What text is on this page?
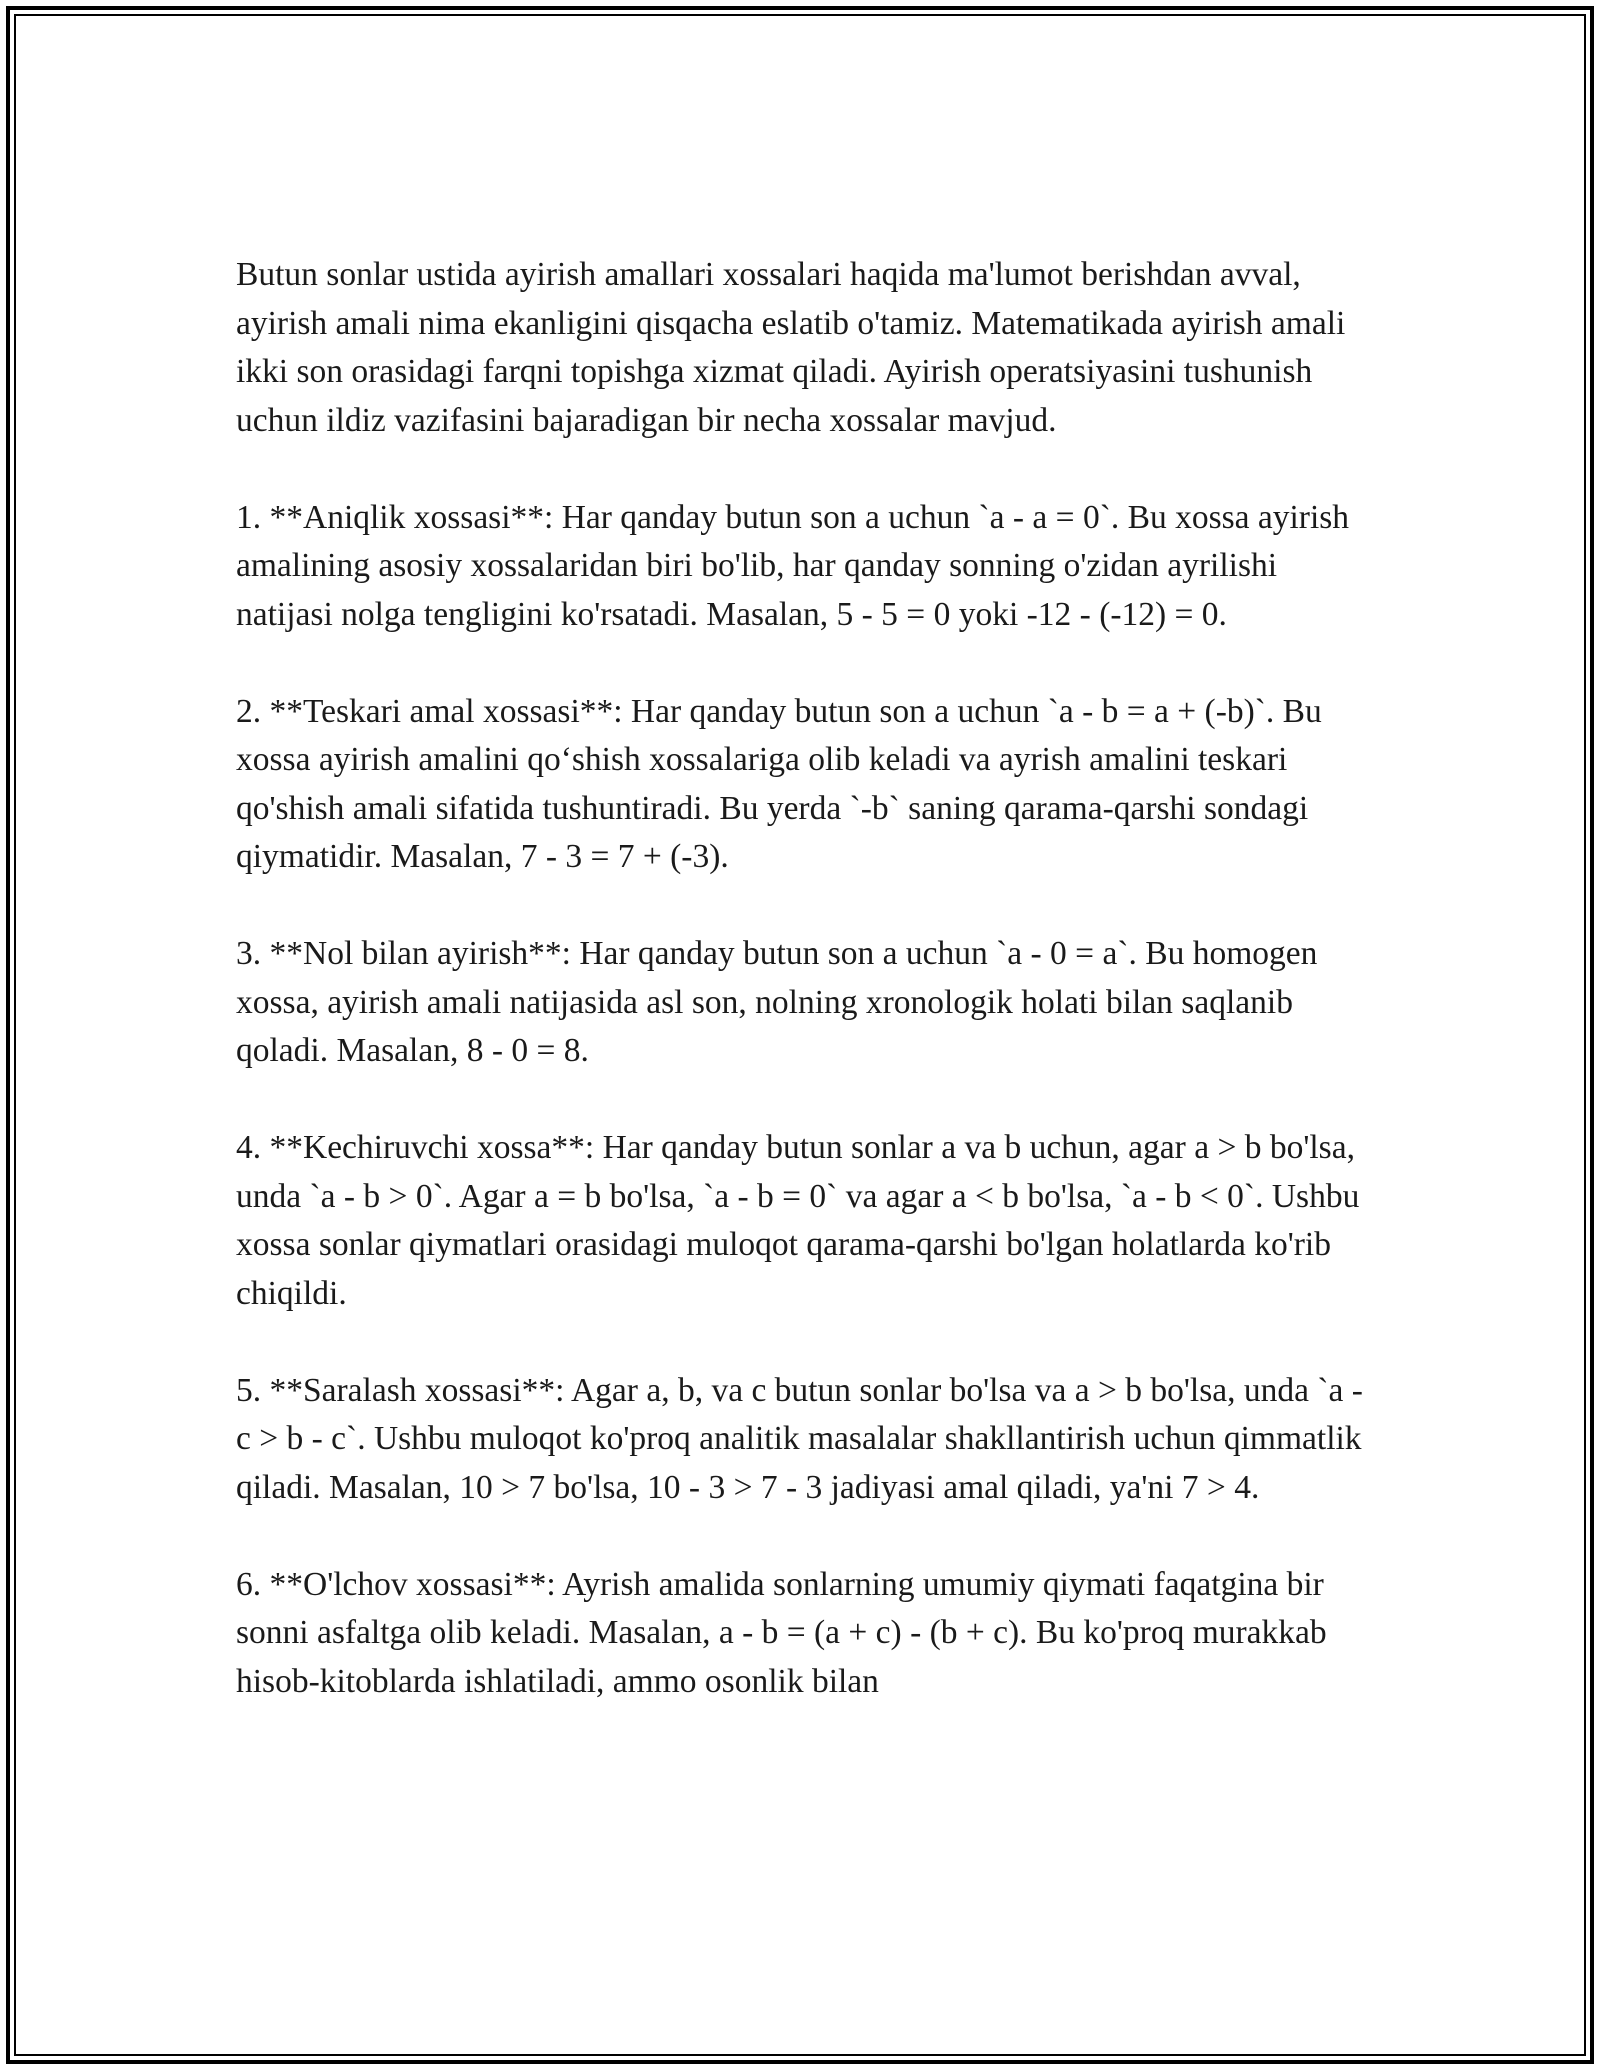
Butun sonlar ustida ayirish amallari xossalari haqida ma'lumot berishdan avval, ayirish amali nima ekanligini qisqacha eslatib o'tamiz. Matematikada ayirish amali ikki son orasidagi farqni topishga xizmat qiladi. Ayirish operatsiyasini tushunish uchun ildiz vazifasini bajaradigan bir necha xossalar mavjud.

1. **Aniqlik xossasi**: Har qanday butun son a uchun `a - a = 0`. Bu xossa ayirish amalining asosiy xossalaridan biri bo'lib, har qanday sonning o'zidan ayrilishi natijasi nolga tengligini ko'rsatadi. Masalan, 5 - 5 = 0 yoki -12 - (-12) = 0.

2. **Teskari amal xossasi**: Har qanday butun son a uchun `a - b = a + (-b)`. Bu xossa ayirish amalini qo‘shish xossalariga olib keladi va ayrish amalini teskari qo'shish amali sifatida tushuntiradi. Bu yerda `-b` saning qarama-qarshi sondagi qiymatidir. Masalan, 7 - 3 = 7 + (-3).

3. **Nol bilan ayirish**: Har qanday butun son a uchun `a - 0 = a`. Bu homogen xossa, ayirish amali natijasida asl son, nolning xronologik holati bilan saqlanib qoladi. Masalan, 8 - 0 = 8.

4. **Kechiruvchi xossa**: Har qanday butun sonlar a va b uchun, agar a > b bo'lsa, unda `a - b > 0`. Agar a = b bo'lsa, `a - b = 0` va agar a < b bo'lsa, `a - b < 0`. Ushbu xossa sonlar qiymatlari orasidagi muloqot qarama-qarshi bo'lgan holatlarda ko'rib chiqildi.

5. **Saralash xossasi**: Agar a, b, va c butun sonlar bo'lsa va a > b bo'lsa, unda `a - c > b - c`. Ushbu muloqot ko'proq analitik masalalar shakllantirish uchun qimmatlik qiladi. Masalan, 10 > 7 bo'lsa, 10 - 3 > 7 - 3 jadiyasi amal qiladi, ya'ni 7 > 4.

6. **O'lchov xossasi**: Ayrish amalida sonlarning umumiy qiymati faqatgina bir sonni asfaltga olib keladi. Masalan, a - b = (a + c) - (b + c). Bu ko'proq murakkab hisob-kitoblarda ishlatiladi, ammo osonlik bilan
